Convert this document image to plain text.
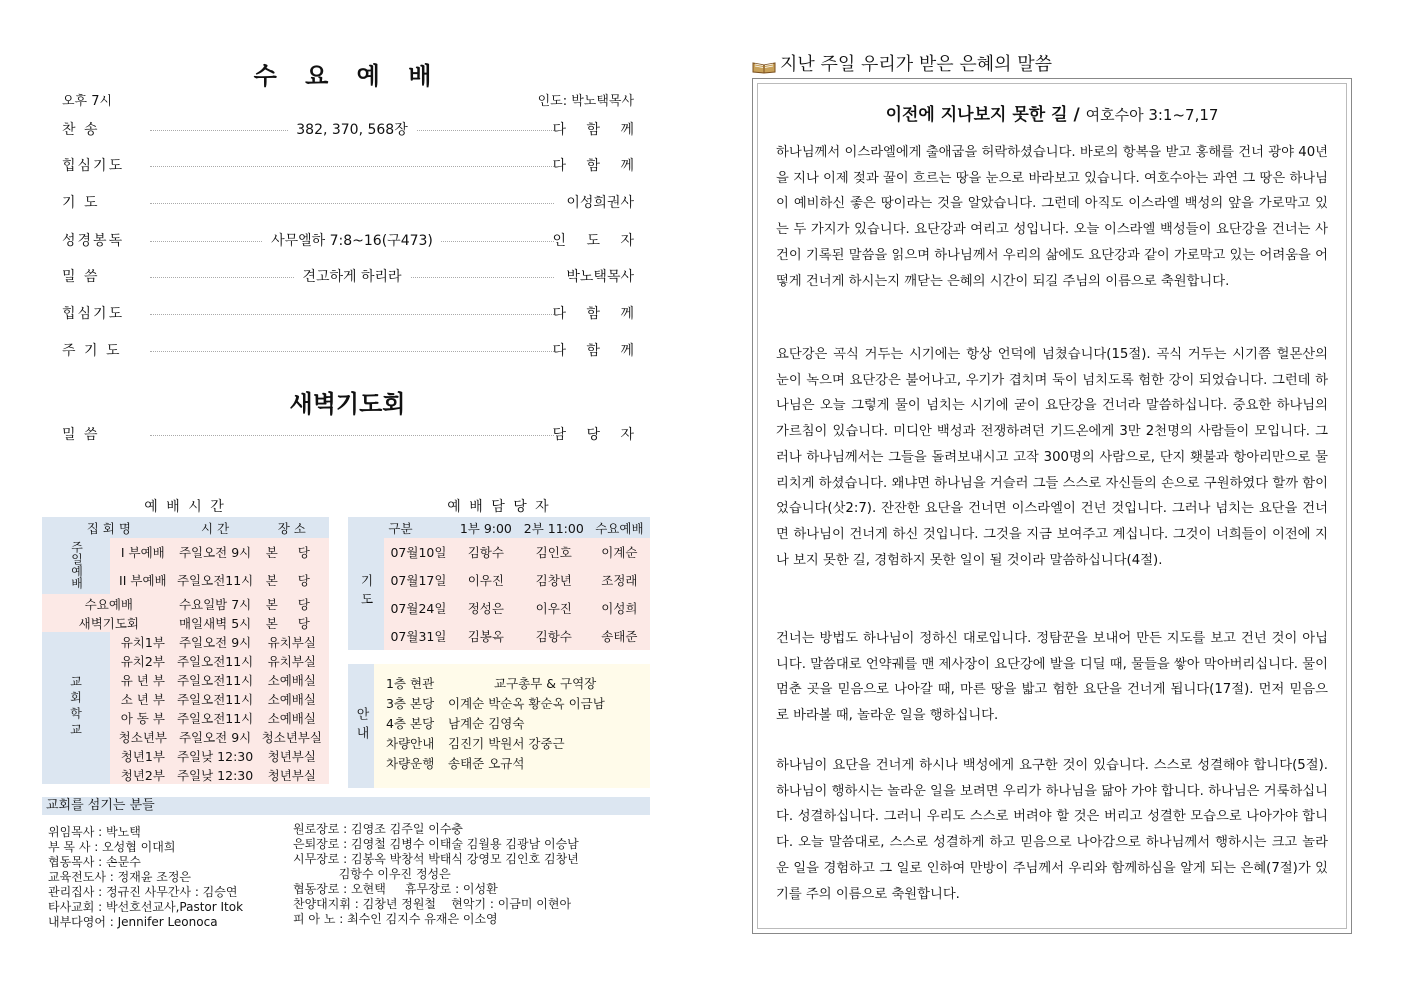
수 요 예 배
오후 7시	인도: 박노택목사
찬 송	382, 370, 568장	다 함 께
힙심기도	다 함 께
기 도	이성희권사
성경봉독	사무엘하 7:8~16(구473)	인 도 자
밀 씀	견고하게 하리라	박노택목사
힙심기도	다 함 께
주 기 도	다 함 께
새벽기도회
밀 씀	담 당 자
예 배 시 간
집 회 명		시 간	장 소
주일예배	I 부예배	주일오전 9시	본 당
	II 부예배	주일오전11시	본 당
수요예배		수요일밤 7시	본 당
새벽기도회		매일새벽 5시	본 당
교회학교	유치1부	주일오전 9시	유치부실
	유치2부	주일오전11시	유치부실
	유 년 부	주일오전11시	소예배실
	소 년 부	주일오전11시	소예배실
	아 동 부	주일오전11시	소예배실
	청소년부	주일오전 9시	청소년부실
	청년1부	주일낮 12:30	청년부실
	청년2부	주일낮 12:30	청년부실
예 배 담 당 자
구분		1부 9:00	2부 11:00	수요예배
기도	07월10일	김항수	김인호	이계순
	07월17일	이우진	김창년	조정래
	07월24일	정성은	이우진	이성희
	07월31일	김봉옥	김항수	송태준
안내
1층 현관	교구총무 & 구역장
3층 본당 이계순 박순옥 황순옥 이금남
4층 본당 남계순 김영숙
차량안내 김진기 박원서 강중근
차량운행 송태준 오규석
교회를 섬기는 분들
위임목사 : 박노택
부 목 사 : 오성협 이대희
협동목사 : 손문수
교육전도사 : 정재윤 조정은
관리집사 : 정규진 사무간사 : 김승연
타사교회 : 박선호선교사,Pastor Itok
내부다영어 : Jennifer Leonoca
원로장로 : 김영조 김주일 이수충
은퇴장로 : 김영철 김병수 이태술 김월용 김광남 이승남
시무장로 : 김봉옥 박창석 박태식 강영모 김인호 김창년
김항수 이우진 정성은
협동장로 : 오현택     휴무장로 : 이성환
찬양대지휘 : 김창년 정원철    현악기 : 이금미 이현아
피 아 노 : 최수인 김지수 유재은 이소영
지난 주일 우리가 받은 은혜의 말씀
이전에 지나보지 못한 길 / 여호수아 3:1~7,17
하나님께서 이스라엘에게 출애굽을 허락하셨습니다. 바로의 항복을 받고 홍해를 건너 광야 40년을 지나 이제 젖과 꿀이 흐르는 땅을 눈으로 바라보고 있습니다. 여호수아는 과연 그 땅은 하나님이 예비하신 좋은 땅이라는 것을 알았습니다. 그런데 아직도 이스라엘 백성의 앞을 가로막고 있는 두 가지가 있습니다. 요단강과 여리고 성입니다. 오늘 이스라엘 백성들이 요단강을 건너는 사건이 기록된 말씀을 읽으며 하나님께서 우리의 삶에도 요단강과 같이 가로막고 있는 어려움을 어떻게 건너게 하시는지 깨닫는 은혜의 시간이 되길 주님의 이름으로 축원합니다.
요단강은 곡식 거두는 시기에는 항상 언덕에 넘쳤습니다(15절). 곡식 거두는 시기쯤 헐몬산의 눈이 녹으며 요단강은 불어나고, 우기가 겹치며 둑이 넘치도록 험한 강이 되었습니다. 그런데 하나님은 오늘 그렇게 물이 넘치는 시기에 굳이 요단강을 건너라 말씀하십니다. 중요한 하나님의 가르침이 있습니다. 미디안 백성과 전쟁하려던 기드온에게 3만 2천명의 사람들이 모입니다. 그러나 하나님께서는 그들을 돌려보내시고 고작 300명의 사람으로, 단지 횃불과 항아리만으로 물리치게 하셨습니다. 왜냐면 하나님을 거슬러 그들 스스로 자신들의 손으로 구원하였다 할까 함이었습니다(삿2:7). 잔잔한 요단을 건너면 이스라엘이 건넌 것입니다. 그러나 넘치는 요단을 건너면 하나님이 건너게 하신 것입니다. 그것을 지금 보여주고 계십니다. 그것이 너희들이 이전에 지나 보지 못한 길, 경험하지 못한 일이 될 것이라 말씀하십니다(4절).
건너는 방법도 하나님이 정하신 대로입니다. 정탐꾼을 보내어 만든 지도를 보고 건넌 것이 아닙니다. 말씀대로 언약궤를 맨 제사장이 요단강에 발을 디딜 때, 물들을 쌓아 막아버리십니다. 물이 멈춘 곳을 믿음으로 나아갈 때, 마른 땅을 밟고 험한 요단을 건너게 됩니다(17절). 먼저 믿음으로 바라볼 때, 놀라운 일을 행하십니다.
하나님이 요단을 건너게 하시나 백성에게 요구한 것이 있습니다. 스스로 성결해야 합니다(5절). 하나님이 행하시는 놀라운 일을 보려면 우리가 하나님을 닮아 가야 합니다. 하나님은 거룩하십니다. 성결하십니다. 그러니 우리도 스스로 버려야 할 것은 버리고 성결한 모습으로 나아가야 합니다. 오늘 말씀대로, 스스로 성결하게 하고 믿음으로 나아감으로 하나님께서 행하시는 크고 놀라운 일을 경험하고 그 일로 인하여 만방이 주님께서 우리와 함께하심을 알게 되는 은혜(7절)가 있기를 주의 이름으로 축원합니다.
